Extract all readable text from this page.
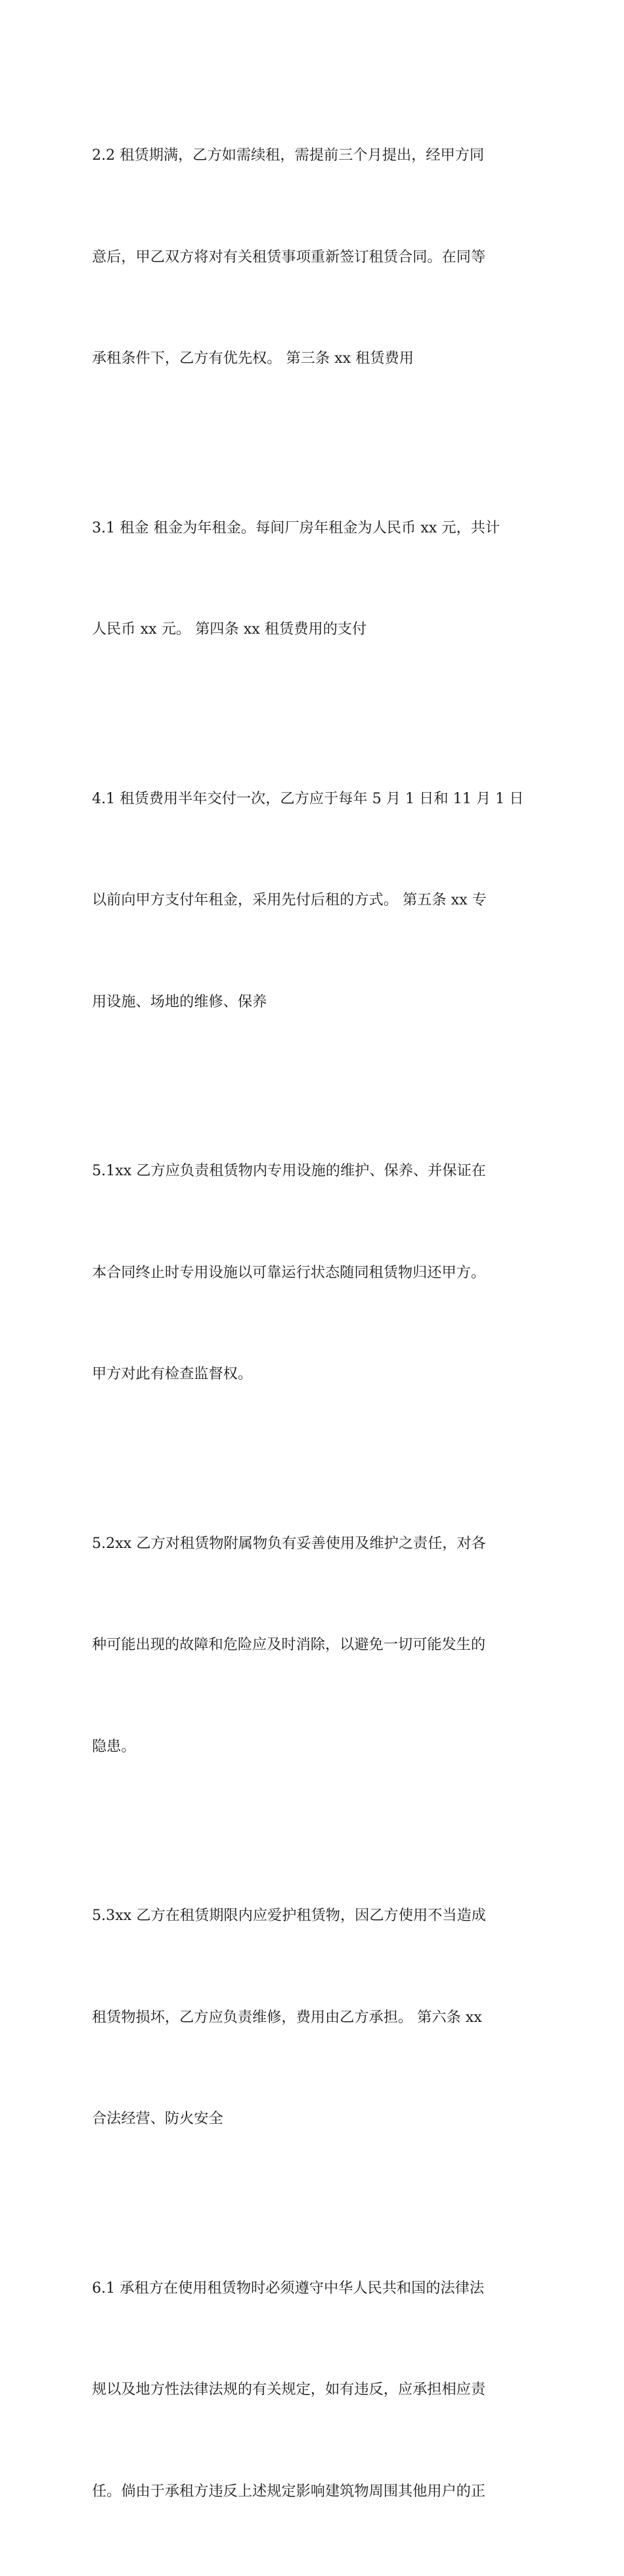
2.2 租赁期满，乙方如需续租，需提前三个月提出，经甲方同

意后，甲乙双方将对有关租赁事项重新签订租赁合同。在同等

承租条件下，乙方有优先权。 第三条 xx 租赁费用

3.1 租金 租金为年租金。每间厂房年租金为人民币 xx 元，共计

人民币 xx 元。 第四条 xx 租赁费用的支付

4.1 租赁费用半年交付一次，乙方应于每年 5 月 1 日和 11 月 1 日

以前向甲方支付年租金，采用先付后租的方式。 第五条 xx 专

用设施、场地的维修、保养

5.1xx 乙方应负责租赁物内专用设施的维护、保养、并保证在

本合同终止时专用设施以可靠运行状态随同租赁物归还甲方。

甲方对此有检查监督权。

5.2xx 乙方对租赁物附属物负有妥善使用及维护之责任，对各

种可能出现的故障和危险应及时消除，以避免一切可能发生的

隐患。

5.3xx 乙方在租赁期限内应爱护租赁物，因乙方使用不当造成

租赁物损坏，乙方应负责维修，费用由乙方承担。 第六条 xx

合法经营、防火安全

6.1 承租方在使用租赁物时必须遵守中华人民共和国的法律法

规以及地方性法律法规的有关规定，如有违反，应承担相应责

任。倘由于承租方违反上述规定影响建筑物周围其他用户的正
